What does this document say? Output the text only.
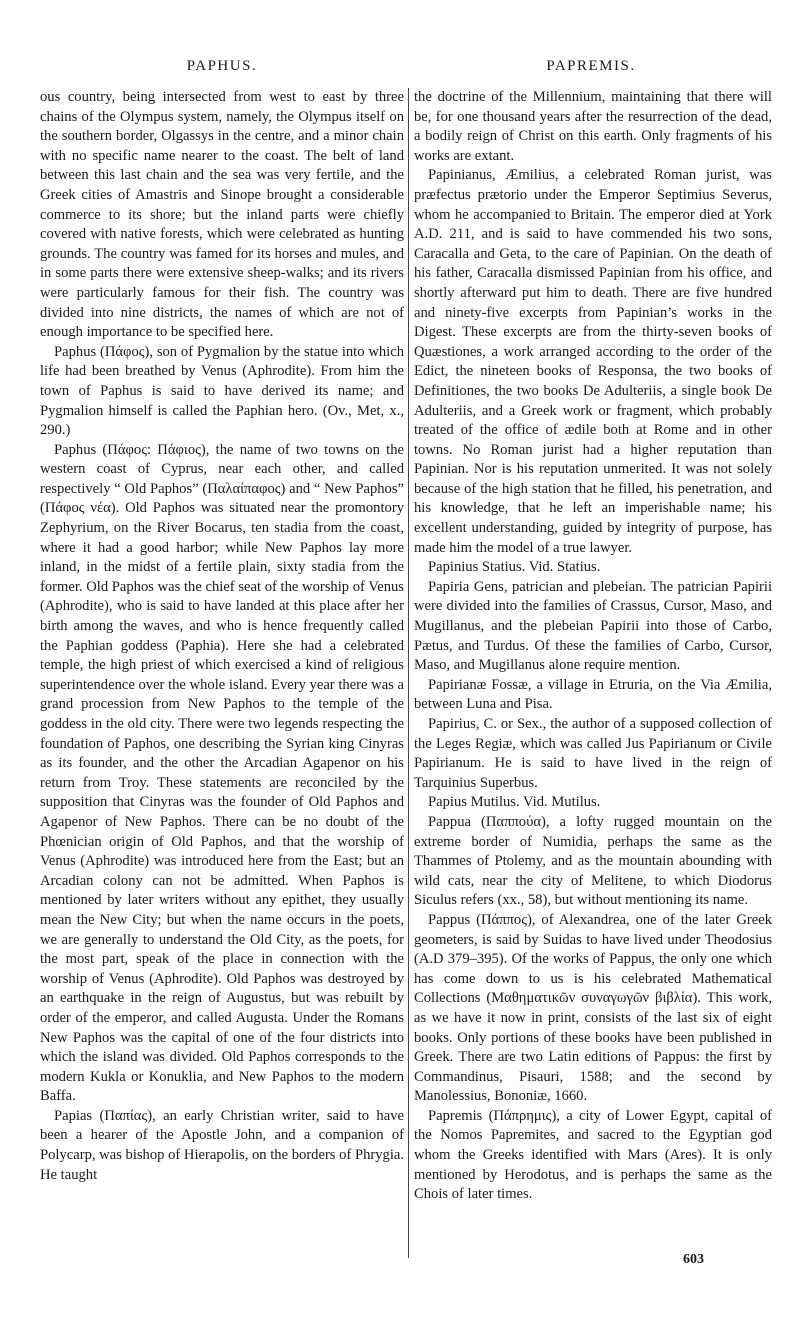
PAPHUS.	PAPREMIS.

ous country, being intersected from west to east by three chains of the Olympus system, namely, the Olympus itself on the southern border, Olgassys in the centre, and a minor chain with no specific name nearer to the coast. The belt of land between this last chain and the sea was very fertile, and the Greek cities of Amastris and Sinope brought a considerable commerce to its shore; but the inland parts were chiefly covered with native forests, which were celebrated as hunting grounds. The country was famed for its horses and mules, and in some parts there were extensive sheep-walks; and its rivers were particularly famous for their fish. The country was divided into nine districts, the names of which are not of enough importance to be specified here.

Paphus (Πάφος), son of Pygmalion by the statue into which life had been breathed by Venus (Aphrodite). From him the town of Paphus is said to have derived its name; and Pygmalion himself is called the Paphian hero. (Ov., Met, x., 290.)

Paphus (Πάφος: Πάφιος), the name of two towns on the western coast of Cyprus, near each other, and called respectively “ Old Paphos” (Παλαίπαφος) and “ New Paphos” (Πάφος νέα). Old Paphos was situated near the promontory Zephyrium, on the River Bocarus, ten stadia from the coast, where it had a good harbor; while New Paphos lay more inland, in the midst of a fertile plain, sixty stadia from the former. Old Paphos was the chief seat of the worship of Venus (Aphrodite), who is said to have landed at this place after her birth among the waves, and who is hence frequently called the Paphian goddess (Paphia). Here she had a celebrated temple, the high priest of which exercised a kind of religious superintendence over the whole island. Every year there was a grand procession from New Paphos to the temple of the goddess in the old city. There were two legends respecting the foundation of Paphos, one describing the Syrian king Cinyras as its founder, and the other the Arcadian Agapenor on his return from Troy. These statements are reconciled by the supposition that Cinyras was the founder of Old Paphos and Agapenor of New Paphos. There can be no doubt of the Phœnician origin of Old Paphos, and that the worship of Venus (Aphrodite) was introduced here from the East; but an Arcadian colony can not be admitted. When Paphos is mentioned by later writers without any epithet, they usually mean the New City; but when the name occurs in the poets, we are generally to understand the Old City, as the poets, for the most part, speak of the place in connection with the worship of Venus (Aphrodite). Old Paphos was destroyed by an earthquake in the reign of Augustus, but was rebuilt by order of the emperor, and called Augusta. Under the Romans New Paphos was the capital of one of the four districts into which the island was divided. Old Paphos corresponds to the modern Kukla or Konuklia, and New Paphos to the modern Baffa.

Papias (Παπίας), an early Christian writer, said to have been a hearer of the Apostle John, and a companion of Polycarp, was bishop of Hierapolis, on the borders of Phrygia. He taught

the doctrine of the Millennium, maintaining that there will be, for one thousand years after the resurrection of the dead, a bodily reign of Christ on this earth. Only fragments of his works are extant.

Papinianus, Æmilius, a celebrated Roman jurist, was præfectus prætorio under the Emperor Septimius Severus, whom he accompanied to Britain. The emperor died at York A.D. 211, and is said to have commended his two sons, Caracalla and Geta, to the care of Papinian. On the death of his father, Caracalla dismissed Papinian from his office, and shortly afterward put him to death. There are five hundred and ninety-five excerpts from Papinian’s works in the Digest. These excerpts are from the thirty-seven books of Quæstiones, a work arranged according to the order of the Edict, the nineteen books of Responsa, the two books of Definitiones, the two books De Adulteriis, a single book De Adulteriis, and a Greek work or fragment, which probably treated of the office of ædile both at Rome and in other towns. No Roman jurist had a higher reputation than Papinian. Nor is his reputation unmerited. It was not solely because of the high station that he filled, his penetration, and his knowledge, that he left an imperishable name; his excellent understanding, guided by integrity of purpose, has made him the model of a true lawyer.

Papinius Statius. Vid. Statius.

Papiria Gens, patrician and plebeian. The patrician Papirii were divided into the families of Crassus, Cursor, Maso, and Mugillanus, and the plebeian Papirii into those of Carbo, Pætus, and Turdus. Of these the families of Carbo, Cursor, Maso, and Mugillanus alone require mention.

Papirianæ Fossæ, a village in Etruria, on the Via Æmilia, between Luna and Pisa.

Papirius, C. or Sex., the author of a supposed collection of the Leges Regiæ, which was called Jus Papirianum or Civile Papirianum. He is said to have lived in the reign of Tarquinius Superbus.

Papius Mutilus. Vid. Mutilus.

Pappua (Παππούα), a lofty rugged mountain on the extreme border of Numidia, perhaps the same as the Thammes of Ptolemy, and as the mountain abounding with wild cats, near the city of Melitene, to which Diodorus Siculus refers (xx., 58), but without mentioning its name.

Pappus (Πάππος), of Alexandrea, one of the later Greek geometers, is said by Suidas to have lived under Theodosius (A.D 379–395). Of the works of Pappus, the only one which has come down to us is his celebrated Mathematical Collections (Μαθηματικῶν συναγωγῶν βιβλία). This work, as we have it now in print, consists of the last six of eight books. Only portions of these books have been published in Greek. There are two Latin editions of Pappus: the first by Commandinus, Pisauri, 1588; and the second by Manolessius, Bononiæ, 1660.

Papremis (Πάπρημις), a city of Lower Egypt, capital of the Nomos Papremites, and sacred to the Egyptian god whom the Greeks identified with Mars (Ares). It is only mentioned by Herodotus, and is perhaps the same as the Chois of later times.

603
